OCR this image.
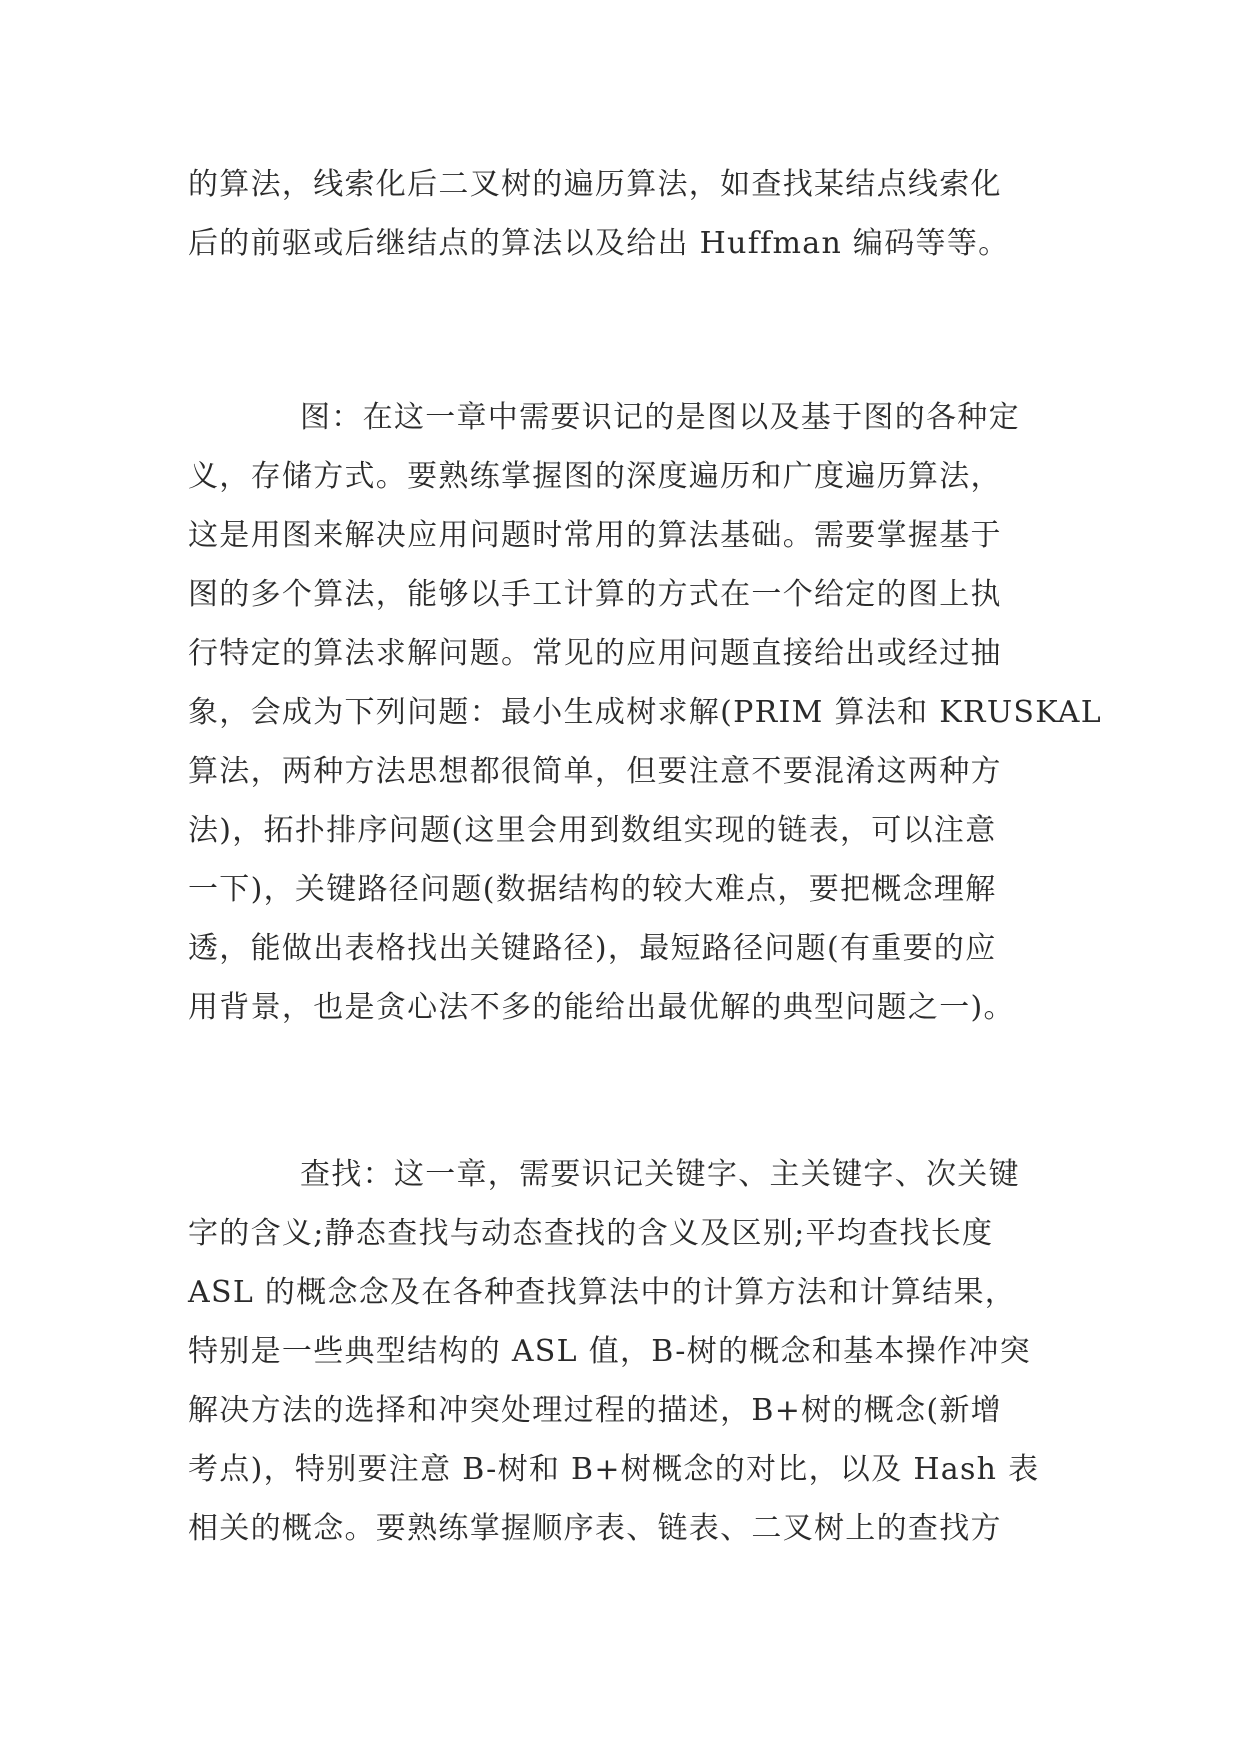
的算法，线索化后二叉树的遍历算法，如查找某结点线索化
后的前驱或后继结点的算法以及给出 Huffman 编码等等。

图：在这一章中需要识记的是图以及基于图的各种定
义，存储方式。要熟练掌握图的深度遍历和广度遍历算法，
这是用图来解决应用问题时常用的算法基础。需要掌握基于
图的多个算法，能够以手工计算的方式在一个给定的图上执
行特定的算法求解问题。常见的应用问题直接给出或经过抽
象，会成为下列问题：最小生成树求解(PRIM 算法和 KRUSKAL
算法，两种方法思想都很简单，但要注意不要混淆这两种方
法)，拓扑排序问题(这里会用到数组实现的链表，可以注意
一下)，关键路径问题(数据结构的较大难点，要把概念理解
透，能做出表格找出关键路径)，最短路径问题(有重要的应
用背景，也是贪心法不多的能给出最优解的典型问题之一)。

查找：这一章，需要识记关键字、主关键字、次关键
字的含义;静态查找与动态查找的含义及区别;平均查找长度
ASL 的概念念及在各种查找算法中的计算方法和计算结果，
特别是一些典型结构的 ASL 值，B-树的概念和基本操作冲突
解决方法的选择和冲突处理过程的描述，B+树的概念(新增
考点)，特别要注意 B-树和 B+树概念的对比，以及 Hash 表
相关的概念。要熟练掌握顺序表、链表、二叉树上的查找方
